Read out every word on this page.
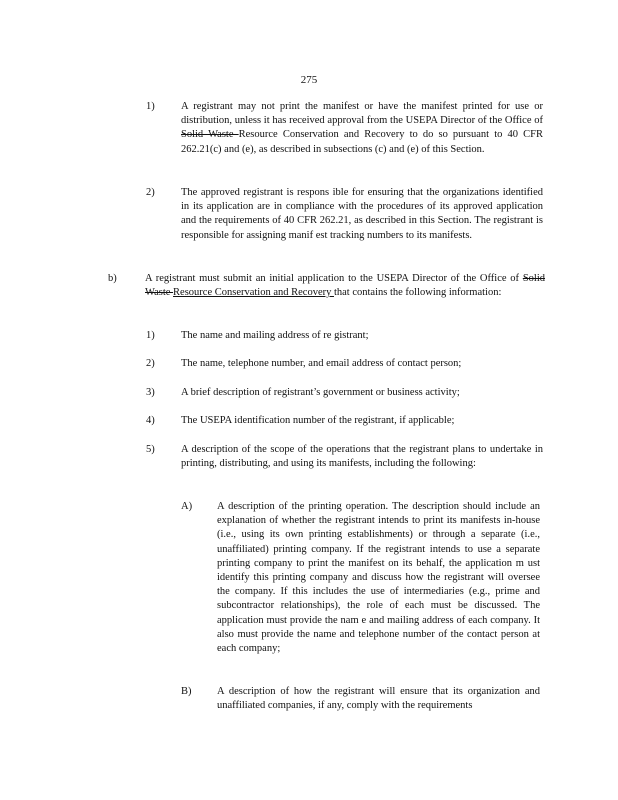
275
1)	A registrant may not print the manifest or have the manifest printed for use or distribution, unless it has received approval from the USEPA Director of the Office of Solid Waste Resource Conservation and Recovery to do so pursuant to 40 CFR 262.21(c) and (e), as described in subsections (c) and (e) of this Section.
2)	The approved registrant is respons ible for ensuring that the organizations identified in its application are in compliance with the procedures of its approved application and the requirements of 40 CFR 262.21, as described in this Section. The registrant is responsible for assigning manif est tracking numbers to its manifests.
b)	A registrant must submit an initial application to the USEPA Director of the Office of Solid Waste Resource Conservation and Recovery that contains the following information:
1)	The name and mailing address of re gistrant;
2)	The name, telephone number, and email address of contact person;
3)	A brief description of registrant’s government or business activity;
4)	The USEPA identification number of the registrant, if applicable;
5)	A description of the scope of the operations that the registrant plans to undertake in printing, distributing, and using its manifests, including the following:
A) A description of the printing operation. The description should include an explanation of whether the registrant intends to print its manifests in-house (i.e., using its own printing establishments) or through a separate (i.e., unaffiliated) printing company. If the registrant intends to use a separate printing company to print the manifest on its behalf, the application m ust identify this printing company and discuss how the registrant will oversee the company. If this includes the use of intermediaries (e.g., prime and subcontractor relationships), the role of each must be discussed. The application must provide the nam e and mailing address of each company. It also must provide the name and telephone number of the contact person at each company;
B) A description of how the registrant will ensure that its organization and unaffiliated companies, if any, comply with the requirements
